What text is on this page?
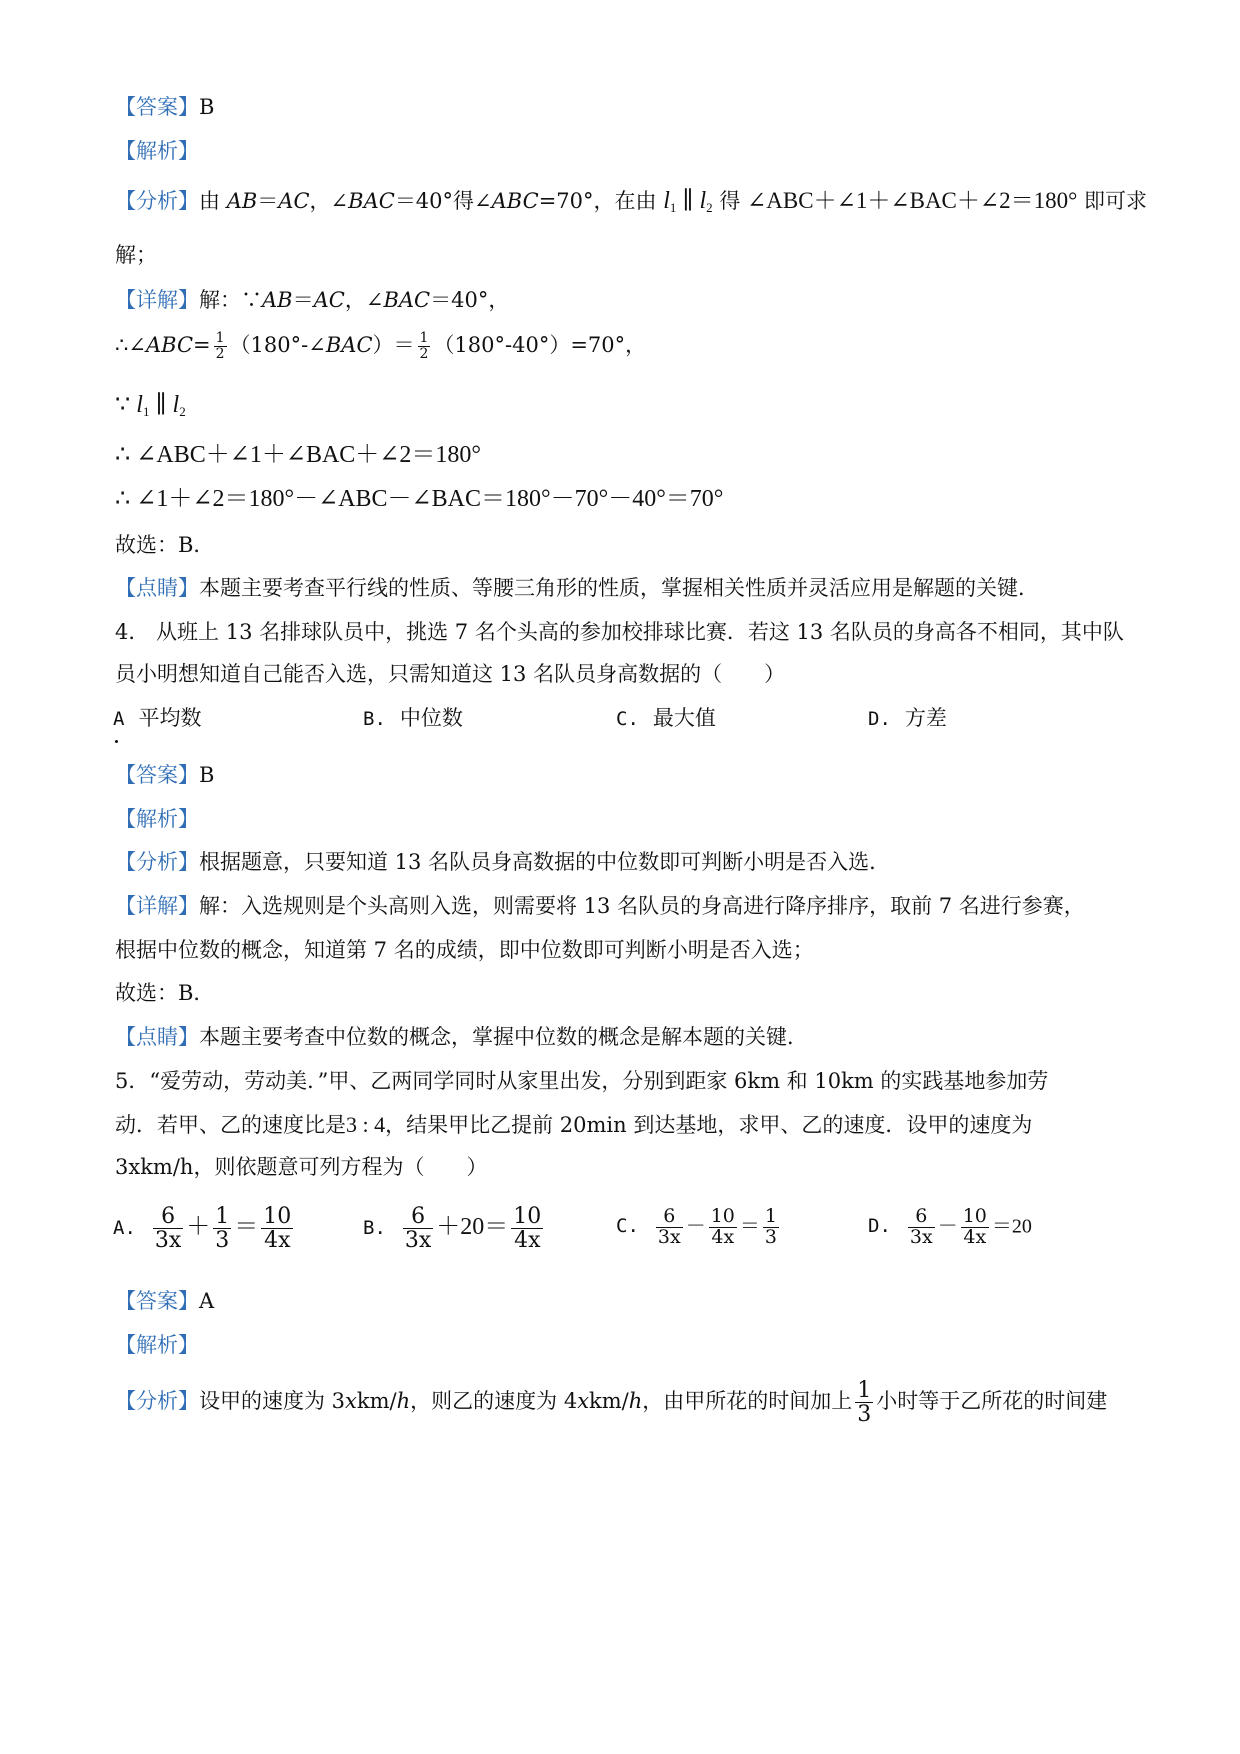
【答案】B
【解析】
【分析】由 AB＝AC，∠BAC＝40°得∠ABC=70°，在由 $l_1$ ∥ $l_2$ 得 ∠ABC＋∠1＋∠BAC＋∠2＝180° 即可求
解；
【详解】解：∵AB＝AC，∠BAC＝40°，
∴∠ABC= $\frac{1}{2}$ （180°-∠BAC）＝ $\frac{1}{2} (180^\circ-40^\circ)=70^\circ$，
∵ $l_1$ ∥ $l_2$
∴ ∠ABC＋∠1＋∠BAC＋∠2＝180°
∴ ∠1＋∠2＝180°－∠ABC－∠BAC＝180°－70°－40°＝70°
故选：B．
【点睛】本题主要考查平行线的性质、等腰三角形的性质，掌握相关性质并灵活应用是解题的关键．
4． 从班上 13 名排球队员中，挑选 7 名个头高的参加校排球比赛．若这 13 名队员的身高各不相同，其中队
员小明想知道自己能否入选，只需知道这 13 名队员身高数据的（　　）
A 平均数	B. 中位数	C. 最大值	D. 方差
【答案】B
【解析】
【分析】根据题意，只要知道 13 名队员身高数据的中位数即可判断小明是否入选．
【详解】解：入选规则是个头高则入选，则需要将 13 名队员的身高进行降序排序，取前 7 名进行参赛，
根据中位数的概念，知道第 7 名的成绩，即中位数即可判断小明是否入选；
故选：B．
【点睛】本题主要考查中位数的概念，掌握中位数的概念是解本题的关键．
5．“爱劳动，劳动美．”甲、乙两同学同时从家里出发，分别到距家 6km 和 10km 的实践基地参加劳
动．若甲、乙的速度比是3 : 4，结果甲比乙提前 20min 到达基地，求甲、乙的速度．设甲的速度为
3xkm/h，则依题意可列方程为（　　）
A. $\frac{6}{3x} + \frac{1}{3} = \frac{10}{4x}$	B. $\frac{6}{3x} +20= \frac{10}{4x}$	C. $\frac{6}{3x} - \frac{10}{4x} = \frac{1}{3}$	D. $\frac{6}{3x} - \frac{10}{4x} =20$
【答案】A
【解析】
【分析】设甲的速度为 3xkm/h，则乙的速度为 4xkm/h，由甲所花的时间加上 $\frac{1}{3}$ 小时等于乙所花的时间建
